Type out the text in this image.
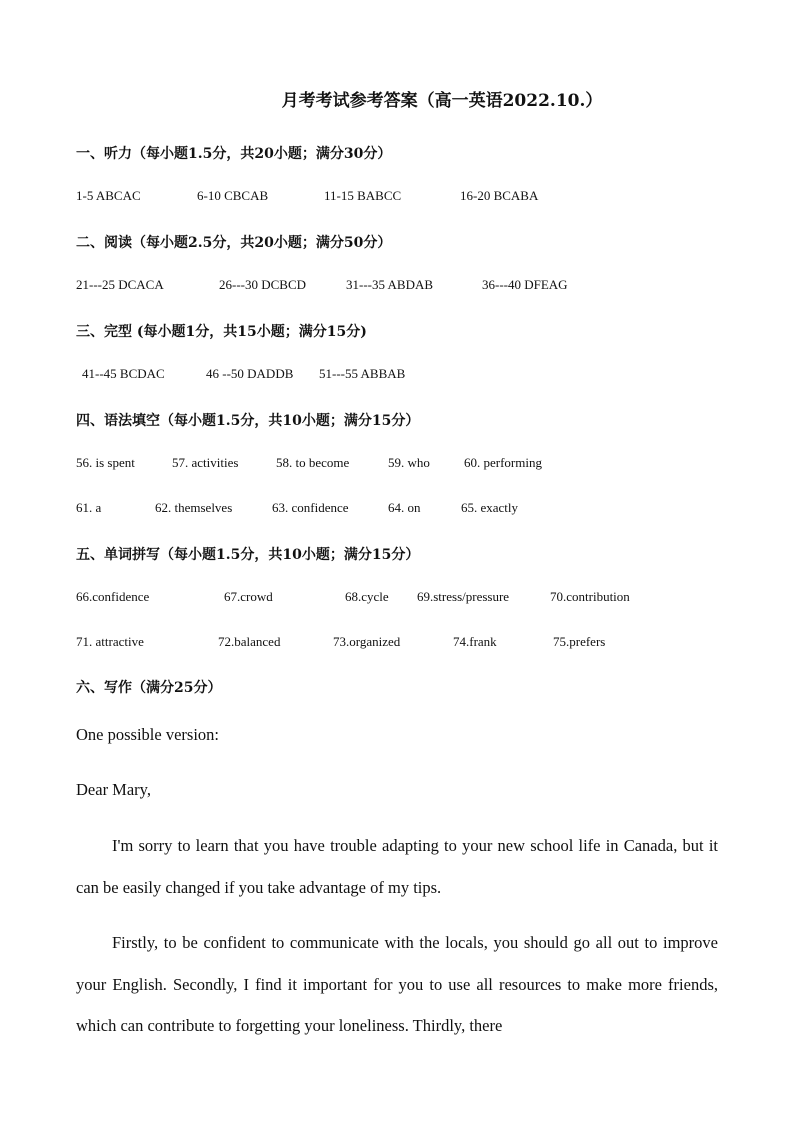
月考考试参考答案（高一英语2022.10.）
一、听力（每小题1.5分，共20小题；满分30分）
1-5 ABCAC	6-10 CBCAB	11-15 BABCC	16-20 BCABA
二、阅读（每小题2.5分，共20小题；满分50分）
21---25 DCACA	26---30 DCBCD	31---35 ABDAB	36---40 DFEAG
三、完型 (每小题1分，共15小题；满分15分)
41--45 BCDAC	46 --50 DADDB 51---55 ABBAB
四、语法填空（每小题1.5分，共10小题；满分15分）
56. is spent	57. activities	58. to become	59. who	60. performing
61. a	62. themselves	63. confidence	64. on	65. exactly
五、单词拼写（每小题1.5分，共10小题；满分15分）
66.confidence	67.crowd	68.cycle 69.stress/pressure	70.contribution
71. attractive	72.balanced	73.organized	74.frank	75.prefers
六、写作（满分25分）
One possible version:
Dear Mary,

I'm sorry to learn that you have trouble adapting to your new school life in Canada, but it can be easily changed if you take advantage of my tips.

Firstly, to be confident to communicate with the locals, you should go all out to improve your English. Secondly, I find it important for you to use all resources to make more friends, which can contribute to forgetting your loneliness. Thirdly, there
